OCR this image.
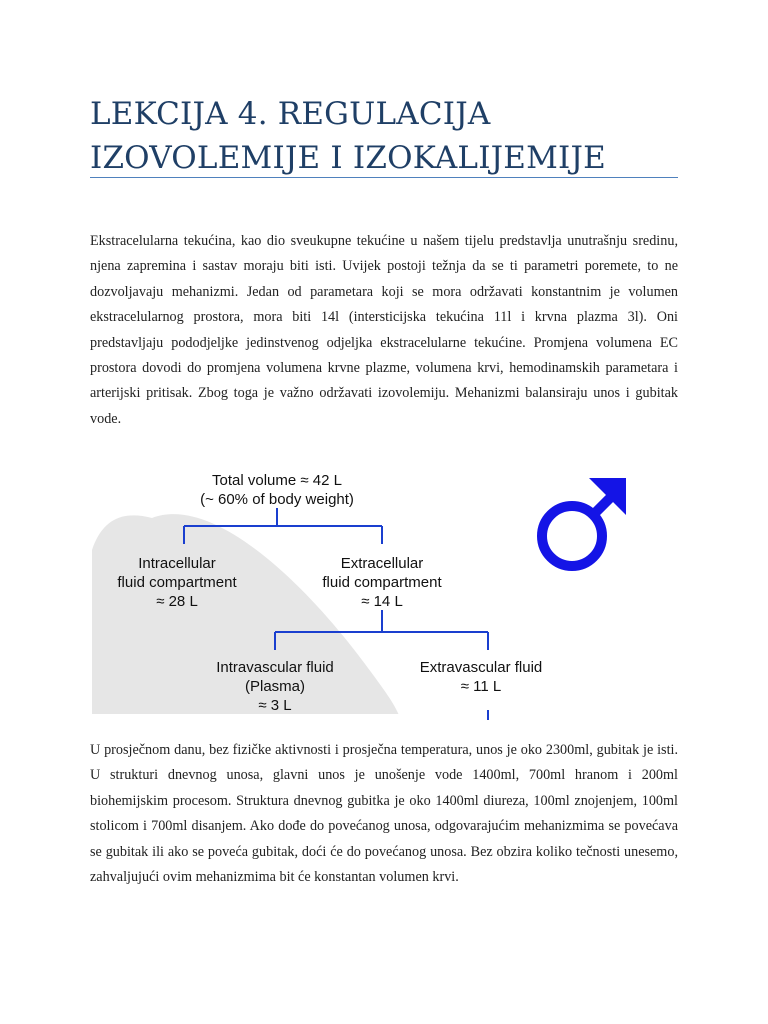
LEKCIJA 4. REGULACIJA IZOVOLEMIJE I IZOKALIJEMIJE

Ekstracelularna tekućina, kao dio sveukupne tekućine u našem tijelu predstavlja unutrašnju sredinu, njena zapremina i sastav moraju biti isti. Uvijek postoji težnja da se ti parametri poremete, to ne dozvoljavaju mehanizmi. Jedan od parametara koji se mora održavati konstantnim je volumen ekstracelularnog prostora, mora biti 14l (intersticijska tekućina 11l i krvna plazma 3l). Oni predstavljaju pododjeljke jedinstvenog odjeljka ekstracelularne tekućine. Promjena volumena EC prostora dovodi do promjena volumena krvne plazme, volumena krvi, hemodinamskih parametara i arterijski pritisak. Zbog toga je važno održavati izovolemiju. Mehanizmi balansiraju unos i gubitak vode.

Total volume ≈ 42 L
(~ 60% of body weight)
Intracellular
fluid compartment
≈ 28 L
Extracellular
fluid compartment
≈ 14 L
Intravascular fluid
(Plasma)
≈ 3 L
Extravascular fluid
≈ 11 L

U prosječnom danu, bez fizičke aktivnosti i prosječna temperatura, unos je oko 2300ml, gubitak je isti. U strukturi dnevnog unosa, glavni unos je unošenje vode 1400ml, 700ml hranom i 200ml biohemijskim procesom. Struktura dnevnog gubitka je oko 1400ml diureza, 100ml znojenjem, 100ml stolicom i 700ml disanjem. Ako dođe do povećanog unosa, odgovarajućim mehanizmima se povećava se gubitak ili ako se poveća gubitak, doći će do povećanog unosa. Bez obzira koliko tečnosti unesemo, zahvaljujući ovim mehanizmima bit će konstantan volumen krvi.
